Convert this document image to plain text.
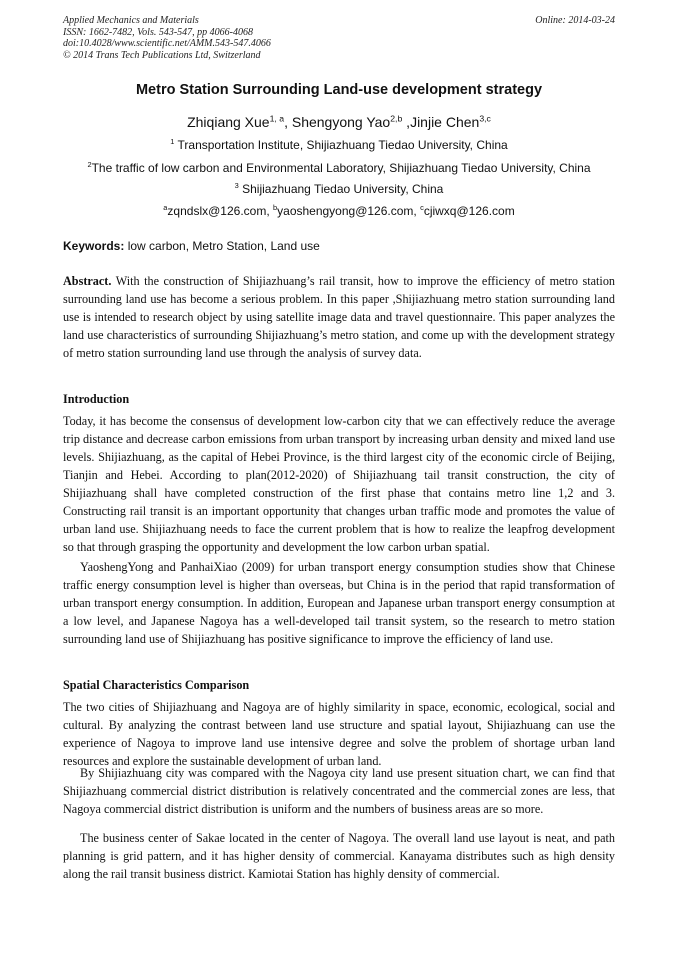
Applied Mechanics and Materials
ISSN: 1662-7482, Vols. 543-547, pp 4066-4068
doi:10.4028/www.scientific.net/AMM.543-547.4066
© 2014 Trans Tech Publications Ltd, Switzerland
Online: 2014-03-24
Metro Station Surrounding Land-use development strategy
Zhiqiang Xue$^{1, a}$, Shengyong Yao$^{2,b}$ ,Jinjie Chen$^{3,c}$
$^1$ Transportation Institute, Shijiazhuang Tiedao University, China
$^2$The traffic of low carbon and Environmental Laboratory, Shijiazhuang Tiedao University, China
$^3$ Shijiazhuang Tiedao University, China
$^a$zqndslx@126.com, $^b$yaoshengyong@126.com, $^c$cjiwxq@126.com
Keywords: low carbon, Metro Station, Land use

Abstract. With the construction of Shijiazhuang’s rail transit, how to improve the efficiency of metro station surrounding land use has become a serious problem. In this paper ,Shijiazhuang metro station surrounding land use is intended to research object by using satellite image data and travel questionnaire. This paper analyzes the land use characteristics of surrounding Shijiazhuang’s metro station, and come up with the development strategy of metro station surrounding land use through the analysis of survey data.

Introduction

Today, it has become the consensus of development low-carbon city that we can effectively reduce the average trip distance and decrease carbon emissions from urban transport by increasing urban density and mixed land use levels. Shijiazhuang, as the capital of Hebei Province, is the third largest city of the economic circle of Beijing, Tianjin and Hebei. According to plan(2012-2020) of Shijiazhuang tail transit construction, the city of Shijiazhuang shall have completed construction of the first phase that contains metro line 1,2 and 3. Constructing rail transit is an important opportunity that changes urban traffic mode and promotes the value of urban land use. Shijiazhuang needs to face the current problem that is how to realize the leapfrog development so that through grasping the opportunity and development the low carbon urban spatial.

YaoshengYong and PanhaiXiao (2009) for urban transport energy consumption studies show that Chinese traffic energy consumption level is higher than overseas, but China is in the period that rapid transformation of urban transport energy consumption. In addition, European and Japanese urban transport energy consumption at a low level, and Japanese Nagoya has a well-developed tail transit system, so the research to metro station surrounding land use of Shijiazhuang has positive significance to improve the efficiency of land use.

Spatial Characteristics Comparison

The two cities of Shijiazhuang and Nagoya are of highly similarity in space, economic, ecological, social and cultural. By analyzing the contrast between land use structure and spatial layout, Shijiazhuang can use the experience of Nagoya to improve land use intensive degree and solve the problem of shortage urban land resources and explore the sustainable development of urban land.

By Shijiazhuang city was compared with the Nagoya city land use present situation chart, we can find that Shijiazhuang commercial district distribution is relatively concentrated and the commercial zones are less, that Nagoya commercial district distribution is uniform and the numbers of business areas are so more.

The business center of Sakae located in the center of Nagoya. The overall land use layout is neat, and path planning is grid pattern, and it has higher density of commercial. Kanayama distributes such as high density along the rail transit business district. Kamiotai Station has highly density of commercial.
